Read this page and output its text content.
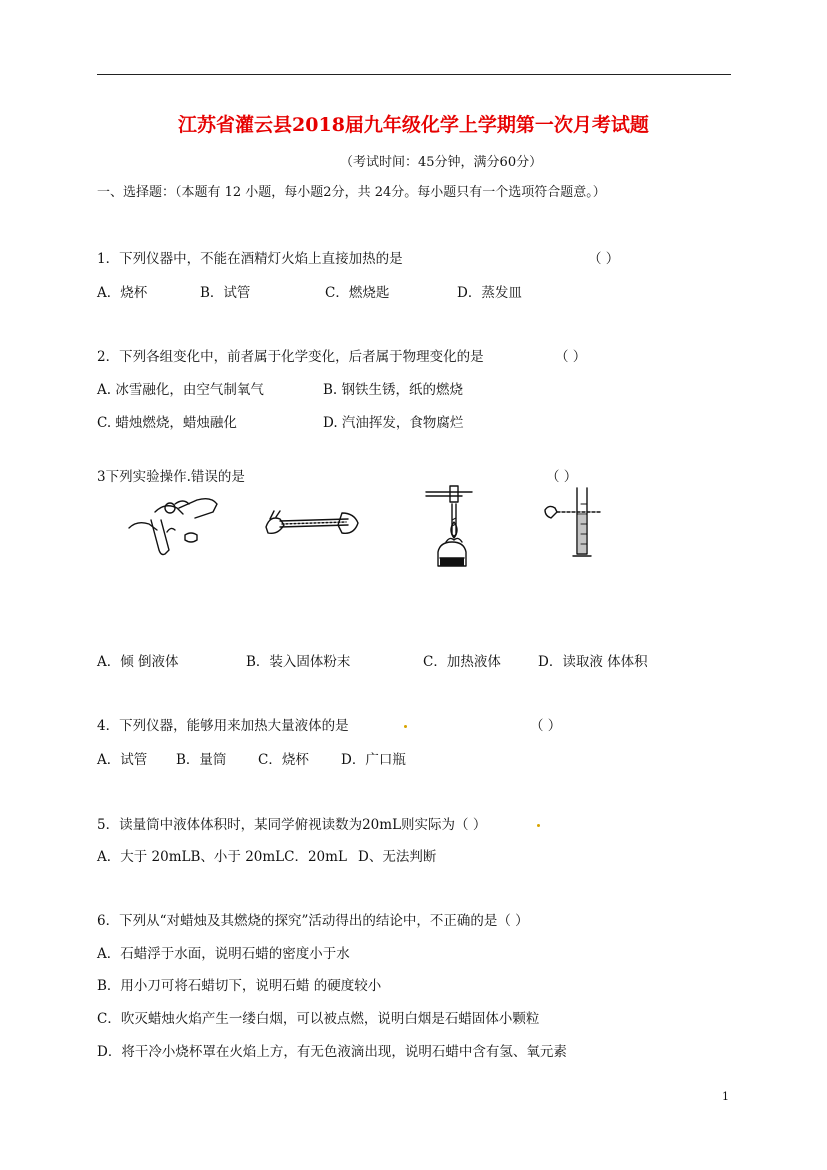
江苏省灌云县2018届九年级化学上学期第一次月考试题
（考试时间：45分钟，满分60分）
一、选择题：（本题有 12 小题，每小题2分，共 24分。每小题只有一个选项符合题意。）
1．下列仪器中，不能在酒精灯火焰上直接加热的是	（ ）
A．烧杯	B．试管	C．燃烧匙	D．蒸发皿
2．下列各组变化中，前者属于化学变化，后者属于物理变化的是	（ ）
A. 冰雪融化，由空气制氧气	B. 钢铁生锈，纸的燃烧
C. 蜡烛燃烧，蜡烛融化	D. 汽油挥发，食物腐烂
3下列实验操作.错误的是	（ ）
A．倾 倒液体	B．装入固体粉末	C．加热液体	D．读取液 体体积
4．下列仪器，能够用来加热大量液体的是	（ ）
A．试管 B．量筒 C．烧杯 D．广口瓶
5．读量筒中液体体积时，某同学俯视读数为20mL则实际为（ ）
A．大于 20mLB、小于 20mLC．20mL D、无法判断
6．下列从“对蜡烛及其燃烧的探究”活动得出的结论中，不正确的是（ ）
A．石蜡浮于水面，说明石蜡的密度小于水
B．用小刀可将石蜡切下，说明石蜡 的硬度较小
C．吹灭蜡烛火焰产生一缕白烟，可以被点燃，说明白烟是石蜡固体小颗粒
D．将干冷小烧杯罩在火焰上方，有无色液滴出现，说明石蜡中含有氢、氧元素
1
